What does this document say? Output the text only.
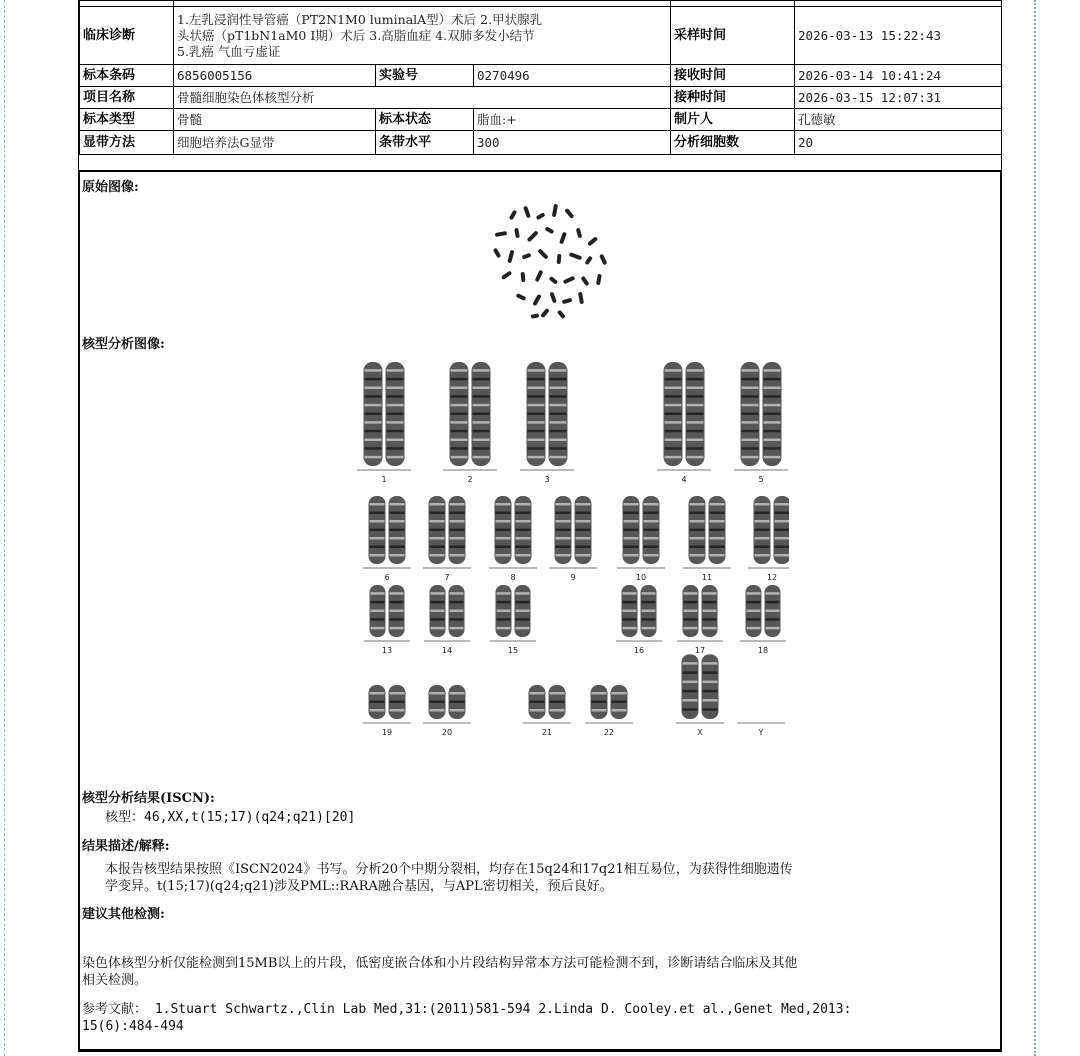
临床诊断	1.左乳浸润性导管癌（PT2N1M0 luminalA型）术后 2.甲状腺乳
头状癌（pT1bN1aM0 Ⅰ期）术后 3.高脂血症 4.双肺多发小结节
5.乳癌 气血亏虚证			采样时间	2026-03-13 15:22:43
标本条码	6856005156	实验号	0270496	接收时间	2026-03-14 10:41:24
项目名称	骨髓细胞染色体核型分析			接种时间	2026-03-15 12:07:31
标本类型	骨髓	标本状态	脂血:+	制片人	孔德敏
显带方法	细胞培养法G显带	条带水平	300	分析细胞数	20
原始图像:
核型分析图像:
1	2	3	4	5
6	7	8	9	10	11	12
13	14	15	16	17	18
19	20	21	22	X	Y
核型分析结果(ISCN):
核型：46,XX,t(15;17)(q24;q21)[20]
结果描述/解释:
本报告核型结果按照《ISCN2024》书写。分析20个中期分裂相，均存在15q24和17q21相互易位，为获得性细胞遗传
学变异。t(15;17)(q24;q21)涉及PML::RARA融合基因，与APL密切相关，预后良好。
建议其他检测:
染色体核型分析仅能检测到15MB以上的片段，低密度嵌合体和小片段结构异常本方法可能检测不到，诊断请结合临床及其他
相关检测。
参考文献： 1.Stuart Schwartz.,Clin Lab Med,31:(2011)581-594 2.Linda D. Cooley.et al.,Genet Med,2013:
15(6):484-494
